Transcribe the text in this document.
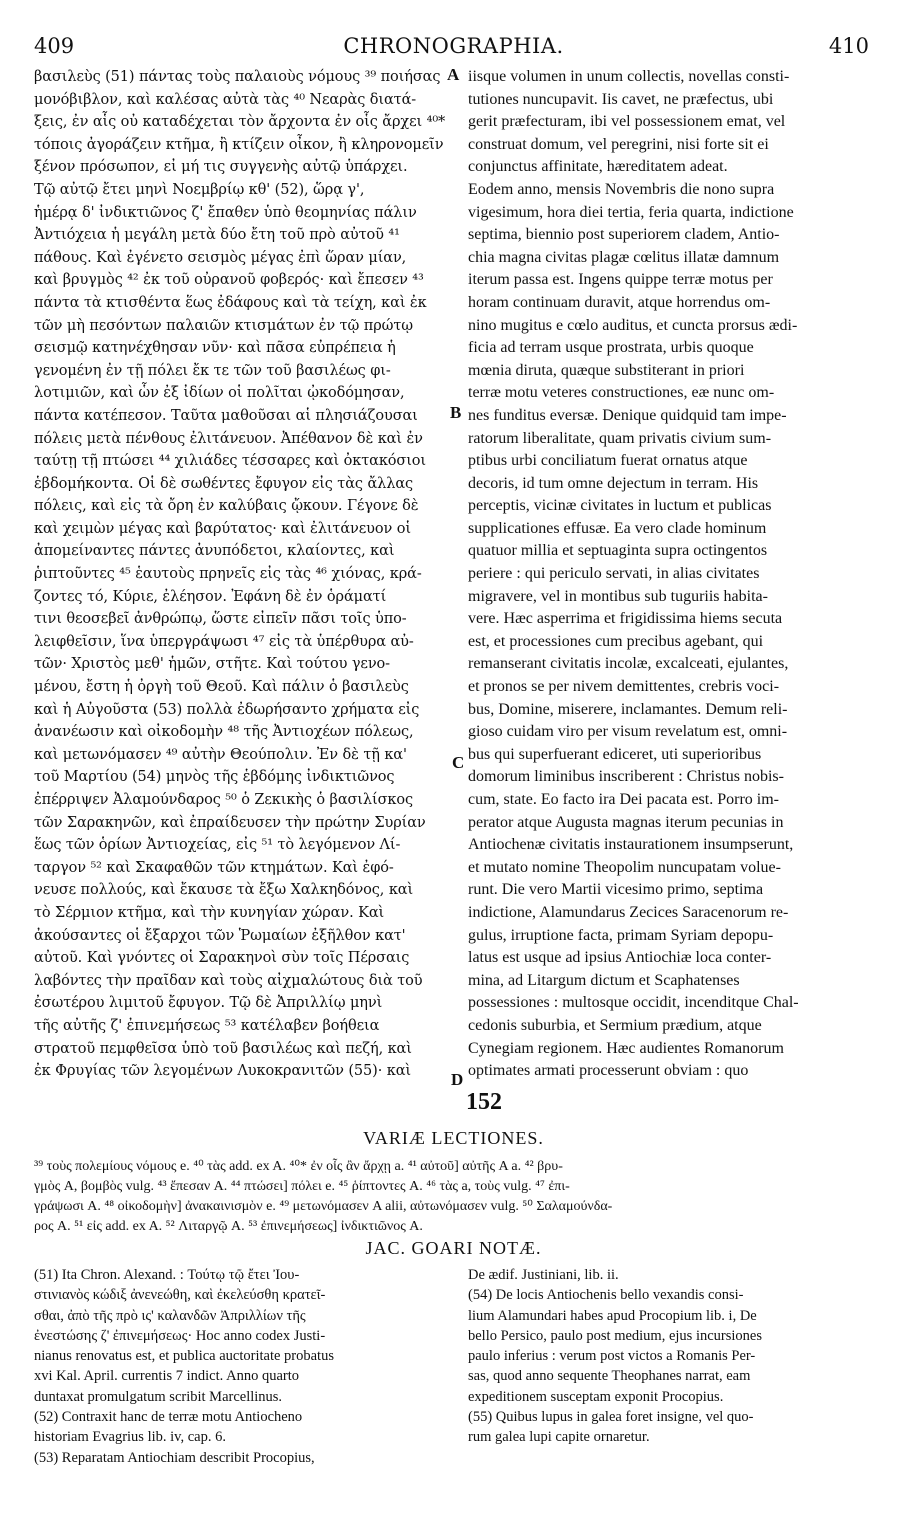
409	CHRONOGRAPHIA.	410
βασιλεὺς (51) πάντας τοὺς παλαιοὺς νόμους ³⁹ ποιήσας
μονόβιβλον, καὶ καλέσας αὐτὰ τὰς ⁴⁰ Νεαρὰς διατά-
ξεις, ἐν αἷς οὐ καταδέχεται τὸν ἄρχοντα ἐν οἷς ἄρχει ⁴⁰*
τόποις ἀγοράζειν κτῆμα, ἢ κτίζειν οἶκον, ἢ κληρονομεῖν
ξένον πρόσωπον, εἰ μή τις συγγενὴς αὐτῷ ὑπάρχει.
Τῷ αὐτῷ ἔτει μηνὶ Νοεμβρίῳ κθ' (52), ὥρᾳ γ',
ἡμέρᾳ δ' ἰνδικτιῶνος ζ' ἔπαθεν ὑπὸ θεομηνίας πάλιν
Ἀντιόχεια ἡ μεγάλη μετὰ δύο ἔτη τοῦ πρὸ αὐτοῦ ⁴¹
πάθους. Καὶ ἐγένετο σεισμὸς μέγας ἐπὶ ὥραν μίαν,
καὶ βρυγμὸς ⁴² ἐκ τοῦ οὐρανοῦ φοβερός· καὶ ἔπεσεν ⁴³
πάντα τὰ κτισθέντα ἕως ἐδάφους καὶ τὰ τείχη, καὶ ἐκ
τῶν μὴ πεσόντων παλαιῶν κτισμάτων ἐν τῷ πρώτῳ
σεισμῷ κατηνέχθησαν νῦν· καὶ πᾶσα εὐπρέπεια ἡ
γενομένη ἐν τῇ πόλει ἔκ τε τῶν τοῦ βασιλέως φι-
λοτιμιῶν, καὶ ὧν ἐξ ἰδίων οἱ πολῖται ᾠκοδόμησαν,
πάντα κατέπεσον. Ταῦτα μαθοῦσαι αἱ πλησιάζουσαι
πόλεις μετὰ πένθους ἐλιτάνευον. Ἀπέθανον δὲ καὶ ἐν
ταύτῃ τῇ πτώσει ⁴⁴ χιλιάδες τέσσαρες καὶ ὀκτακόσιοι
ἑβδομήκοντα. Οἱ δὲ σωθέντες ἔφυγον εἰς τὰς ἄλλας
πόλεις, καὶ εἰς τὰ ὄρη ἐν καλύβαις ᾤκουν. Γέγονε δὲ
καὶ χειμὼν μέγας καὶ βαρύτατος· καὶ ἐλιτάνευον οἱ
ἀπομείναντες πάντες ἀνυπόδετοι, κλαίοντες, καὶ
ῥιπτοῦντες ⁴⁵ ἑαυτοὺς πρηνεῖς εἰς τὰς ⁴⁶ χιόνας, κρά-
ζοντες τό, Κύριε, ἐλέησον. Ἐφάνη δὲ ἐν ὁράματί
τινι θεοσεβεῖ ἀνθρώπῳ, ὥστε εἰπεῖν πᾶσι τοῖς ὑπο-
λειφθεῖσιν, ἵνα ὑπεργράψωσι ⁴⁷ εἰς τὰ ὑπέρθυρα αὐ-
τῶν· Χριστὸς μεθ' ἡμῶν, στῆτε. Καὶ τούτου γενο-
μένου, ἔστη ἡ ὀργὴ τοῦ Θεοῦ. Καὶ πάλιν ὁ βασιλεὺς
καὶ ἡ Αὐγοῦστα (53) πολλὰ ἐδωρήσαντο χρήματα εἰς
ἀνανέωσιν καὶ οἰκοδομὴν ⁴⁸ τῆς Ἀντιοχέων πόλεως,
καὶ μετωνόμασεν ⁴⁹ αὐτὴν Θεούπολιν. Ἐν δὲ τῇ κα'
τοῦ Μαρτίου (54) μηνὸς τῆς ἑβδόμης ἰνδικτιῶνος
ἐπέρριψεν Ἀλαμούνδαρος ⁵⁰ ὁ Ζεκικὴς ὁ βασιλίσκος
τῶν Σαρακηνῶν, καὶ ἐπραίδευσεν τὴν πρώτην Συρίαν
ἕως τῶν ὁρίων Ἀντιοχείας, εἰς ⁵¹ τὸ λεγόμενον Λί-
ταργον ⁵² καὶ Σκαφαθῶν τῶν κτημάτων. Καὶ ἐφό-
νευσε πολλούς, καὶ ἔκαυσε τὰ ἔξω Χαλκηδόνος, καὶ
τὸ Σέρμιον κτῆμα, καὶ τὴν κυνηγίαν χώραν. Καὶ
ἀκούσαντες οἱ ἔξαρχοι τῶν Ῥωμαίων ἐξῆλθον κατ'
αὐτοῦ. Καὶ γνόντες οἱ Σαρακηνοὶ σὺν τοῖς Πέρσαις
λαβόντες τὴν πραῖδαν καὶ τοὺς αἰχμαλώτους διὰ τοῦ
ἐσωτέρου λιμιτοῦ ἔφυγον. Τῷ δὲ Ἀπριλλίῳ μηνὶ
τῆς αὐτῆς ζ' ἐπινεμήσεως ⁵³ κατέλαβεν βοήθεια
στρατοῦ πεμφθεῖσα ὑπὸ τοῦ βασιλέως καὶ πεζή, καὶ
ἐκ Φρυγίας τῶν λεγομένων Λυκοκρανιτῶν (55)· καὶ
iisque volumen in unum collectis, novellas consti-
tutiones nuncupavit. Iis cavet, ne præfectus, ubi
gerit præfecturam, ibi vel possessionem emat, vel
construat domum, vel peregrini, nisi forte sit ei
conjunctus affinitate, hæreditatem adeat.
Eodem anno, mensis Novembris die nono supra
vigesimum, hora diei tertia, feria quarta, indictione
septima, biennio post superiorem cladem, Antio-
chia magna civitas plagæ cœlitus illatæ damnum
iterum passa est. Ingens quippe terræ motus per
horam continuam duravit, atque horrendus om-
nino mugitus e cœlo auditus, et cuncta prorsus ædi-
ficia ad terram usque prostrata, urbis quoque
mœnia diruta, quæque substiterant in priori
terræ motu veteres constructiones, eæ nunc om-
nes funditus eversæ. Denique quidquid tam impe-
ratorum liberalitate, quam privatis civium sum-
ptibus urbi conciliatum fuerat ornatus atque
decoris, id tum omne dejectum in terram. His
perceptis, vicinæ civitates in luctum et publicas
supplicationes effusæ. Ea vero clade hominum
quatuor millia et septuaginta supra octingentos
periere : qui periculo servati, in alias civitates
migravere, vel in montibus sub tuguriis habita-
vere. Hæc asperrima et frigidissima hiems secuta
est, et processiones cum precibus agebant, qui
remanserant civitatis incolæ, excalceati, ejulantes,
et pronos se per nivem demittentes, crebris voci-
bus, Domine, miserere, inclamantes. Demum reli-
gioso cuidam viro per visum revelatum est, omni-
bus qui superfuerant ediceret, uti superioribus
domorum liminibus inscriberent : Christus nobis-
cum, state. Eo facto ira Dei pacata est. Porro im-
perator atque Augusta magnas iterum pecunias in
Antiochenæ civitatis instaurationem insumpserunt,
et mutato nomine Theopolim nuncupatam volue-
runt. Die vero Martii vicesimo primo, septima
indictione, Alamundarus Zecices Saracenorum re-
gulus, irruptione facta, primam Syriam depopu-
latus est usque ad ipsius Antiochiæ loca conter-
mina, ad Litargum dictum et Scaphatenses
possessiones : multosque occidit, incenditque Chal-
cedonis suburbia, et Sermium prædium, atque
Cynegiam regionem. Hæc audientes Romanorum
optimates armati processerunt obviam : quo
A
B
C
D
152
VARIÆ LECTIONES.
³⁹ τοὺς πολεμίους νόμους e. ⁴⁰ τὰς add. ex A. ⁴⁰* ἐν οἷς ἂν ἄρχῃ a. ⁴¹ αὐτοῦ] αὐτῆς A a. ⁴² βρυ-
γμὸς A, βομβὸς vulg. ⁴³ ἔπεσαν A. ⁴⁴ πτώσει] πόλει e. ⁴⁵ ῥίπτοντες A. ⁴⁶ τὰς a, τοὺς vulg. ⁴⁷ ἐπι-
γράψωσι A. ⁴⁸ οἰκοδομὴν] ἀνακαινισμὸν e. ⁴⁹ μετωνόμασεν A alii, αὐτωνόμασεν vulg. ⁵⁰ Σαλαμούνδα-
ρος A. ⁵¹ εἰς add. ex A. ⁵² Λιταργῷ A. ⁵³ ἐπινεμήσεως] ἰνδικτιῶνος A.
JAC. GOARI NOTÆ.
(51) Ita Chron. Alexand. : Τούτῳ τῷ ἔτει Ἰου-
στινιανὸς κώδιξ ἀνενεώθη, καὶ ἐκελεύσθη κρατεῖ-
σθαι, ἀπὸ τῆς πρὸ ις' καλανδῶν Ἀπριλλίων τῆς
ἐνεστώσης ζ' ἐπινεμήσεως· Hoc anno codex Justi-
nianus renovatus est, et publica auctoritate probatus
xvi Kal. April. currentis 7 indict. Anno quarto
duntaxat promulgatum scribit Marcellinus.
(52) Contraxit hanc de terræ motu Antiocheno
historiam Evagrius lib. iv, cap. 6.
(53) Reparatam Antiochiam describit Procopius,
De ædif. Justiniani, lib. ii.
(54) De locis Antiochenis bello vexandis consi-
lium Alamundari habes apud Procopium lib. i, De
bello Persico, paulo post medium, ejus incursiones
paulo inferius : verum post victos a Romanis Per-
sas, quod anno sequente Theophanes narrat, eam
expeditionem susceptam exponit Procopius.
(55) Quibus lupus in galea foret insigne, vel quo-
rum galea lupi capite ornaretur.
